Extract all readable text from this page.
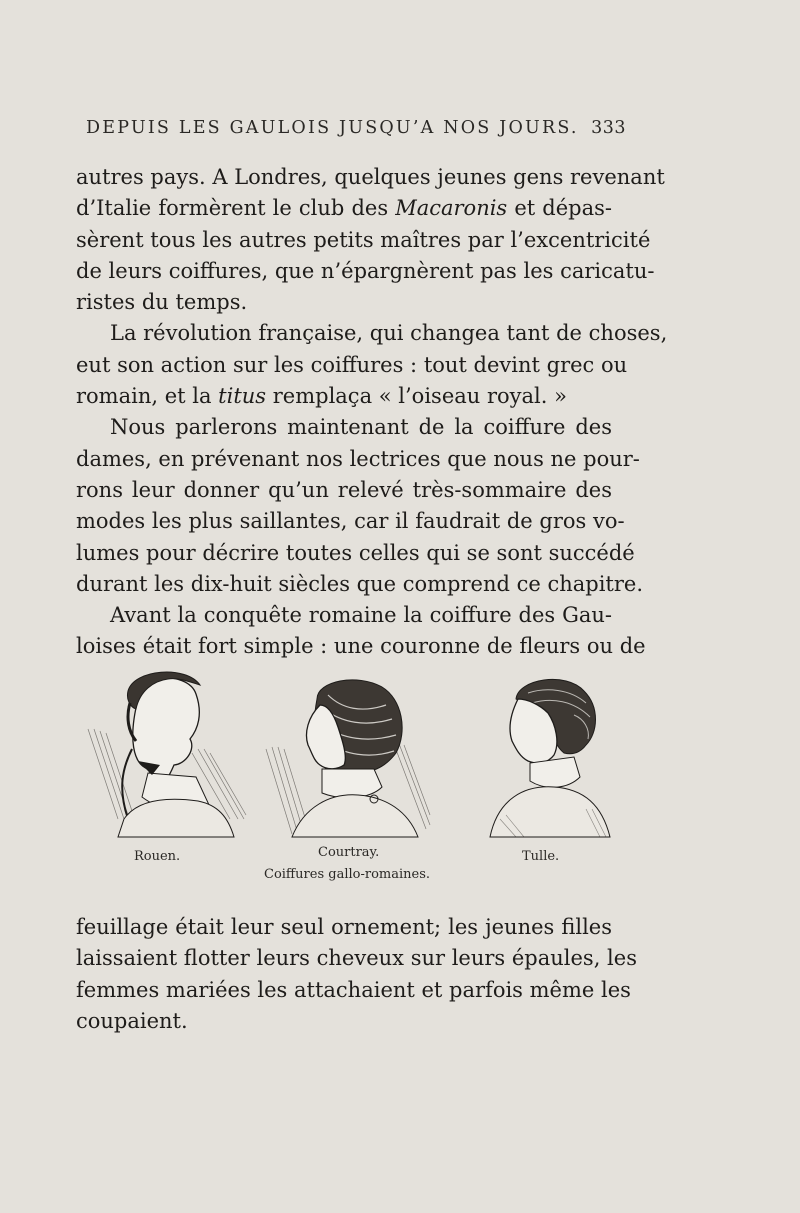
DEPUIS LES GAULOIS JUSQU’A NOS JOURS. 333
autres pays. A Londres, quelques jeunes gens revenant
d’Italie formèrent le club des Macaronis et dépas-
sèrent tous les autres petits maîtres par l’excentricité
de leurs coiffures, que n’épargnèrent pas les caricatu-
ristes du temps.
La révolution française, qui changea tant de choses,
eut son action sur les coiffures : tout devint grec ou
romain, et la titus remplaça « l’oiseau royal. »
Nous parlerons maintenant de la coiffure des
dames, en prévenant nos lectrices que nous ne pour-
rons leur donner qu’un relevé très-sommaire des
modes les plus saillantes, car il faudrait de gros vo-
lumes pour décrire toutes celles qui se sont succédé
durant les dix-huit siècles que comprend ce chapitre.
Avant la conquête romaine la coiffure des Gau-
loises était fort simple : une couronne de fleurs ou de
Rouen.	Courtray.	Tulle.
Coiffures gallo-romaines.
feuillage était leur seul ornement; les jeunes filles
laissaient flotter leurs cheveux sur leurs épaules, les
femmes mariées les attachaient et parfois même les
coupaient.
